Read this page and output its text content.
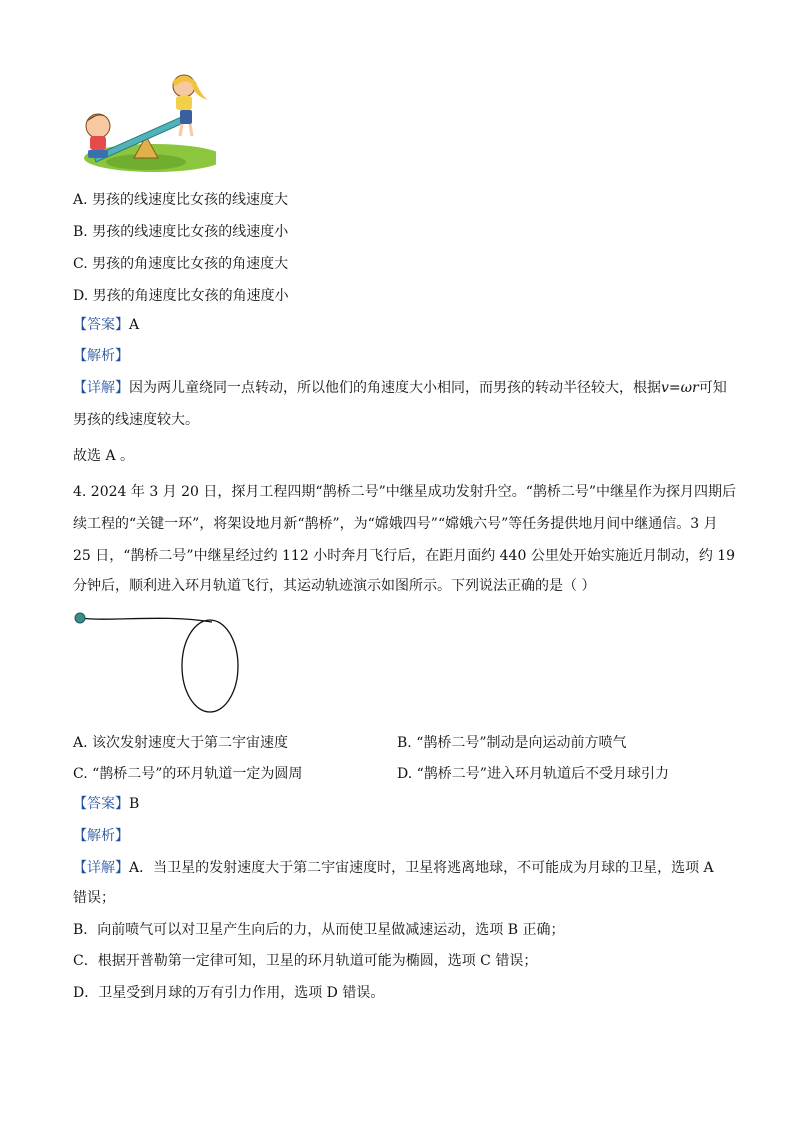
A. 男孩的线速度比女孩的线速度大
B. 男孩的线速度比女孩的线速度小
C. 男孩的角速度比女孩的角速度大
D. 男孩的角速度比女孩的角速度小
【答案】A
【解析】
【详解】因为两儿童绕同一点转动，所以他们的角速度大小相同，而男孩的转动半径较大，根据v=ωr可知
男孩的线速度较大。
故选 A 。
4. 2024 年 3 月 20 日，探月工程四期“鹊桥二号”中继星成功发射升空。“鹊桥二号”中继星作为探月四期后
续工程的“关键一环”，将架设地月新“鹊桥”，为“嫦娥四号”“嫦娥六号”等任务提供地月间中继通信。3 月
25 日，“鹊桥二号”中继星经过约 112 小时奔月飞行后，在距月面约 440 公里处开始实施近月制动，约 19
分钟后，顺利进入环月轨道飞行，其运动轨迹演示如图所示。下列说法正确的是（ ）
A. 该次发射速度大于第二宇宙速度	B. “鹊桥二号”制动是向运动前方喷气
C. “鹊桥二号”的环月轨道一定为圆周	D. “鹊桥二号”进入环月轨道后不受月球引力
【答案】B
【解析】
【详解】A．当卫星的发射速度大于第二宇宙速度时，卫星将逃离地球，不可能成为月球的卫星，选项 A
错误；
B．向前喷气可以对卫星产生向后的力，从而使卫星做减速运动，选项 B 正确；
C．根据开普勒第一定律可知，卫星的环月轨道可能为椭圆，选项 C 错误；
D．卫星受到月球的万有引力作用，选项 D 错误。
